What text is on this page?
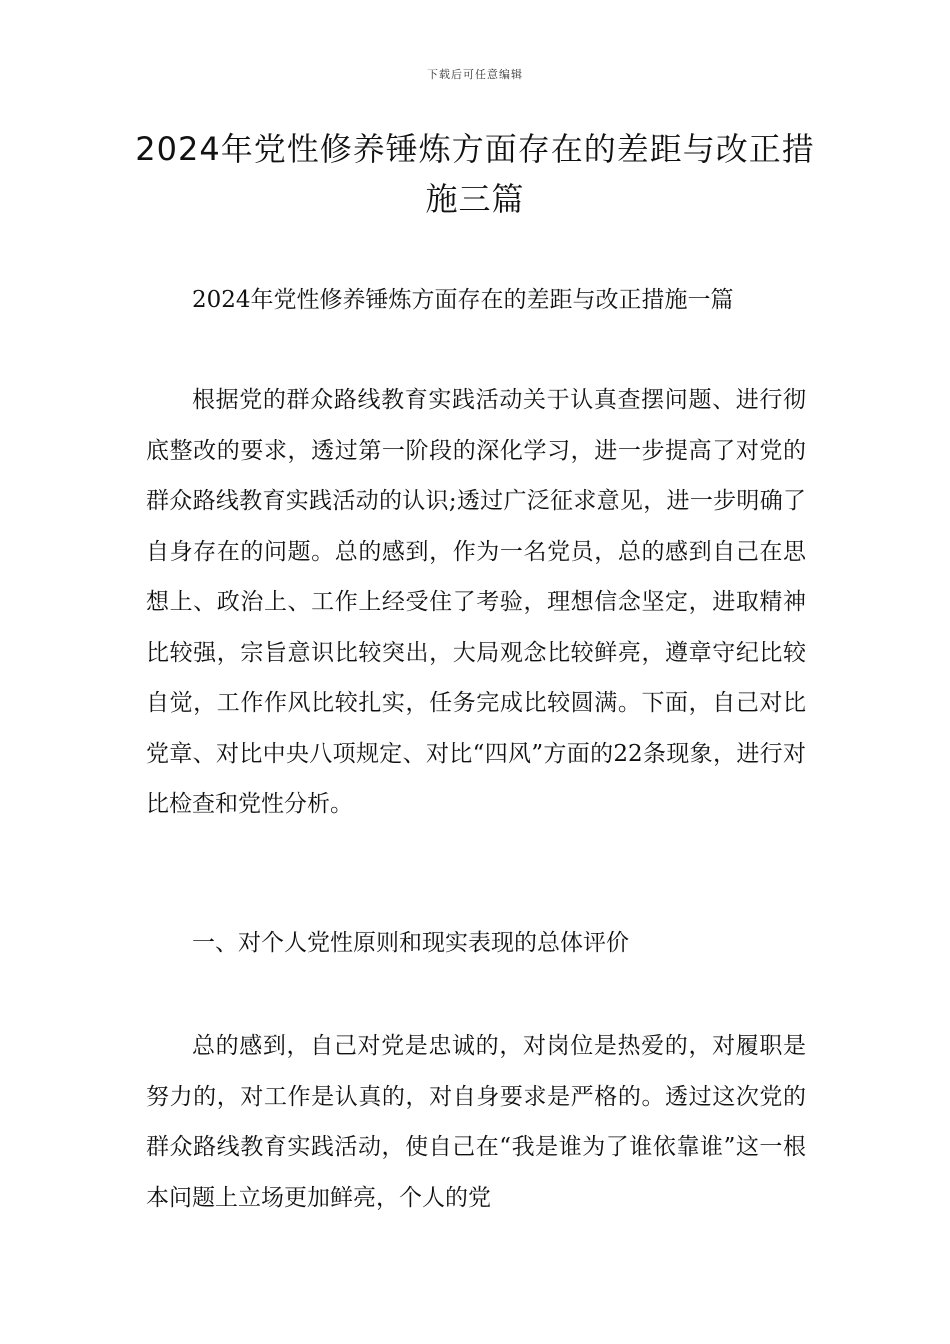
下载后可任意编辑
2024年党性修养锤炼方面存在的差距与改正措施三篇

2024年党性修养锤炼方面存在的差距与改正措施一篇

根据党的群众路线教育实践活动关于认真查摆问题、进行彻底整改的要求，透过第一阶段的深化学习，进一步提高了对党的群众路线教育实践活动的认识;透过广泛征求意见，进一步明确了自身存在的问题。总的感到，作为一名党员，总的感到自己在思想上、政治上、工作上经受住了考验，理想信念坚定，进取精神比较强，宗旨意识比较突出，大局观念比较鲜亮，遵章守纪比较自觉，工作作风比较扎实，任务完成比较圆满。下面，自己对比党章、对比中央八项规定、对比“四风”方面的22条现象，进行对比检查和党性分析。

一、对个人党性原则和现实表现的总体评价

总的感到，自己对党是忠诚的，对岗位是热爱的，对履职是努力的，对工作是认真的，对自身要求是严格的。透过这次党的群众路线教育实践活动，使自己在“我是谁为了谁依靠谁”这一根本问题上立场更加鲜亮，个人的党
